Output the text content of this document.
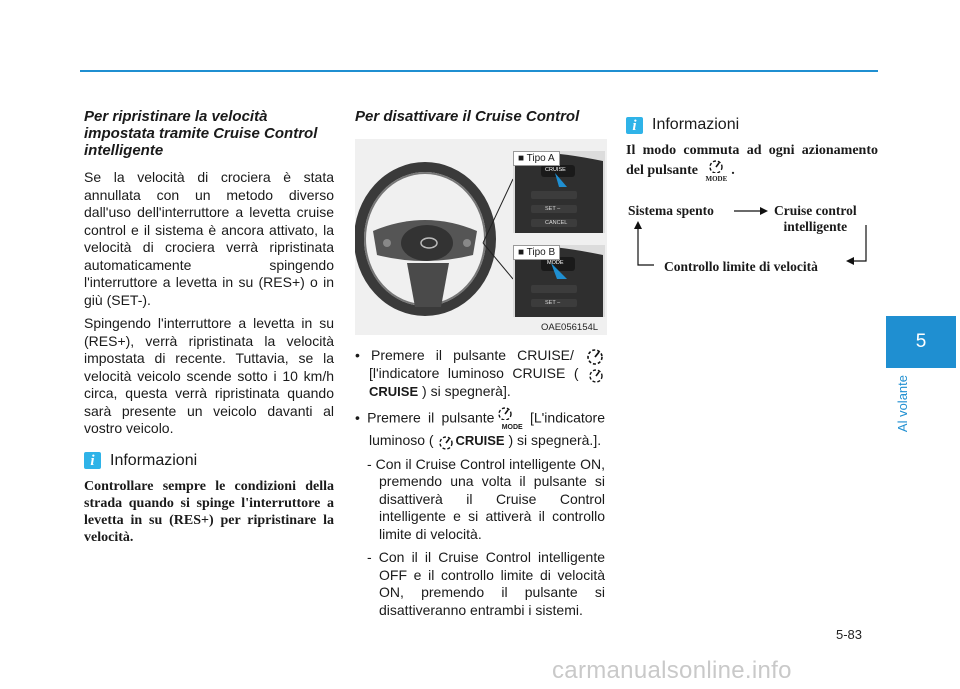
Per ripristinare la velocità impostata tramite Cruise Control intelligente

Se la velocità di crociera è stata annullata con un metodo diverso dall'uso dell'interruttore a levetta cruise control e il sistema è ancora attivato, la velocità di crociera verrà ripristinata automaticamente spingendo l'interruttore a levetta in su (RES+) o in giù (SET-).

Spingendo l'interruttore a levetta in su (RES+), verrà ripristinata la velocità impostata di recente. Tuttavia, se la velocità veicolo scende sotto i 10 km/h circa, questa verrà ripristinata quando sarà presente un veicolo davanti al vostro veicolo.

i Informazioni
Controllare sempre le condizioni della strada quando si spinge l'interruttore a levetta in su (RES+) per ripristinare la velocità.
Per disattivare il Cruise Control
■ Tipo A
■ Tipo B
CRUISE
SET –
CANCEL
MODE
SET –
OAE056154L
• Premere il pulsante CRUISE/  [l'indicatore luminoso CRUISE ( CRUISE ) si spegnerà].
• Premere il pulsante
MODE [L'indicatore luminoso ( CRUISE ) si spegnerà.].

- Con il Cruise Control intelligente ON, premendo una volta il pulsante si disattiverà il Cruise Control intelligente e si attiverà il controllo limite di velocità.

- Con il il Cruise Control intelligente OFF e il controllo limite di velocità ON, premendo il pulsante si disattiveranno entrambi i sistemi.

i Informazioni
Il modo commuta ad ogni azionamento del pulsante
MODE.
Sistema spento	Cruise control
intelligente
Controllo limite di velocità
5
Al volante
5-83
carmanualsonline.info
